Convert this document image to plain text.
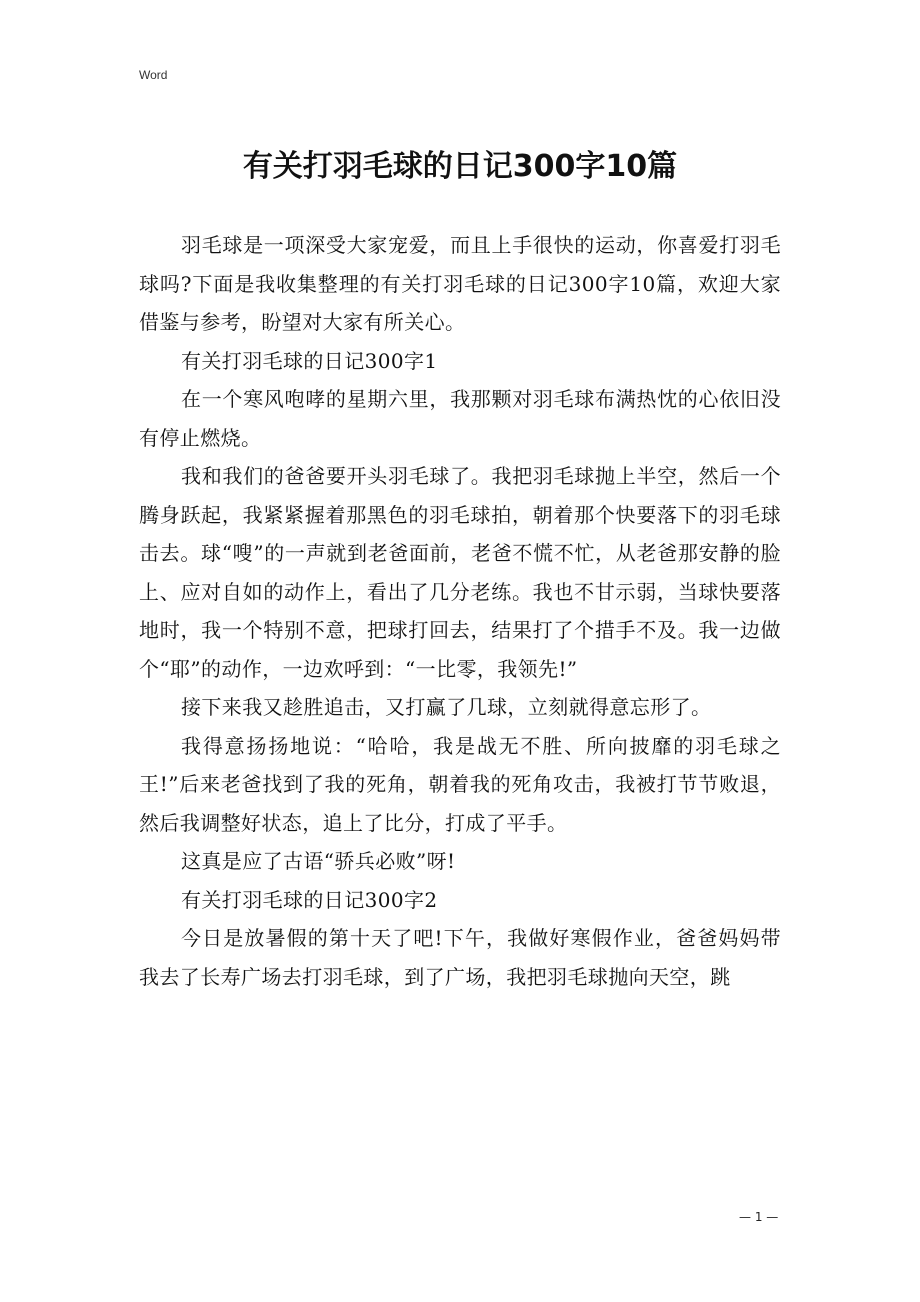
Word
有关打羽毛球的日记300字10篇

羽毛球是一项深受大家宠爱，而且上手很快的运动，你喜爱打羽毛球吗?下面是我收集整理的有关打羽毛球的日记300字10篇，欢迎大家借鉴与参考，盼望对大家有所关心。

有关打羽毛球的日记300字1

在一个寒风咆哮的星期六里，我那颗对羽毛球布满热忱的心依旧没有停止燃烧。

我和我们的爸爸要开头羽毛球了。我把羽毛球抛上半空，然后一个腾身跃起，我紧紧握着那黑色的羽毛球拍，朝着那个快要落下的羽毛球击去。球“嗖”的一声就到老爸面前，老爸不慌不忙，从老爸那安静的脸上、应对自如的动作上，看出了几分老练。我也不甘示弱，当球快要落地时，我一个特别不意，把球打回去，结果打了个措手不及。我一边做个“耶”的动作，一边欢呼到：“一比零，我领先!”

接下来我又趁胜追击，又打赢了几球，立刻就得意忘形了。

我得意扬扬地说：“哈哈，我是战无不胜、所向披靡的羽毛球之王!”后来老爸找到了我的死角，朝着我的死角攻击，我被打节节败退，然后我调整好状态，追上了比分，打成了平手。

这真是应了古语“骄兵必败”呀!

有关打羽毛球的日记300字2

今日是放暑假的第十天了吧!下午，我做好寒假作业，爸爸妈妈带我去了长寿广场去打羽毛球，到了广场，我把羽毛球抛向天空，跳

— 1 —
